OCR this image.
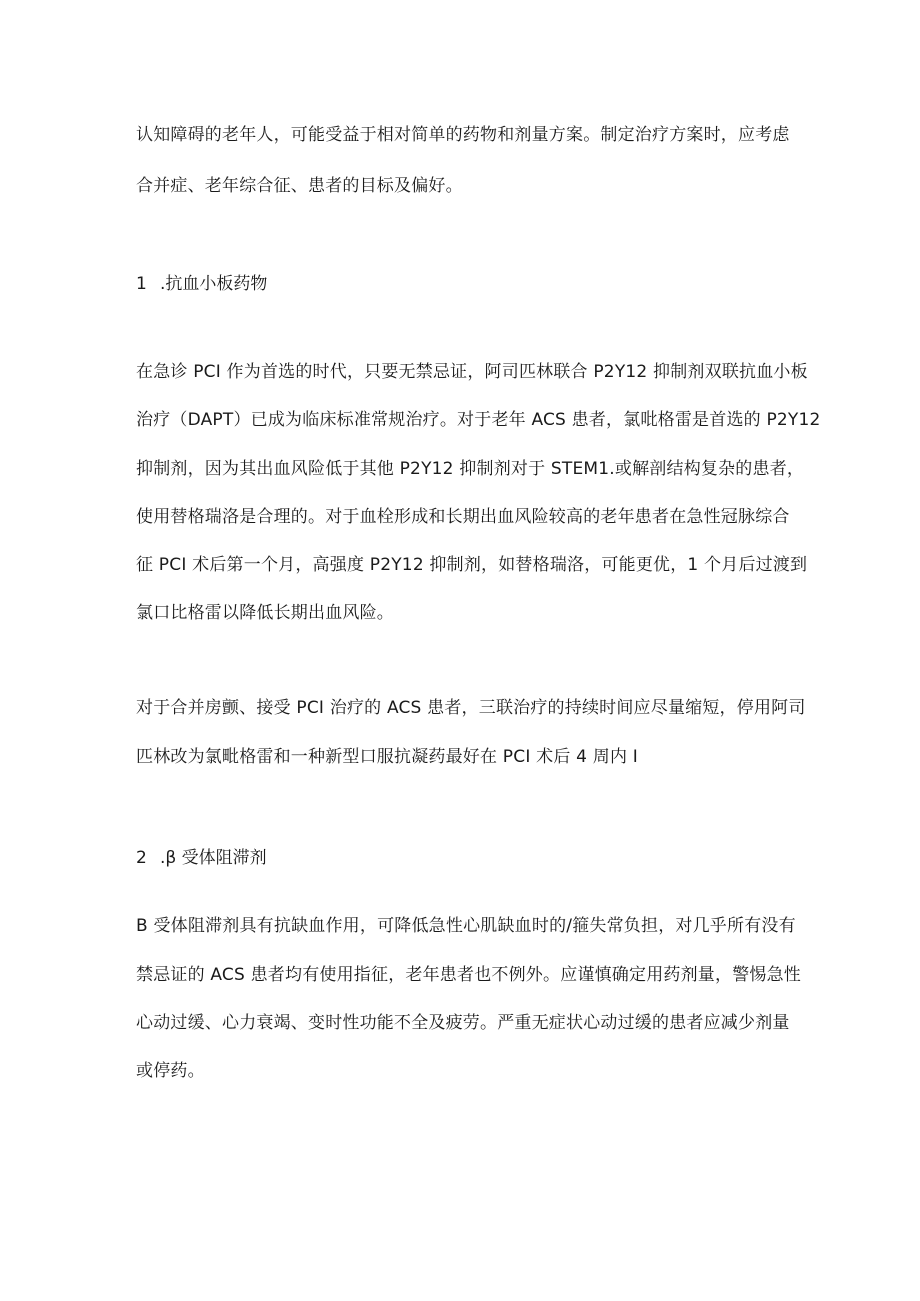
认知障碍的老年人，可能受益于相对简单的药物和剂量方案。制定治疗方案时，应考虑
合并症、老年综合征、患者的目标及偏好。
1 .抗血小板药物
在急诊 PCI 作为首选的时代，只要无禁忌证，阿司匹林联合 P2Y12 抑制剂双联抗血小板
治疗（DAPT）已成为临床标准常规治疗。对于老年 ACS 患者，氯吡格雷是首选的 P2Y12
抑制剂，因为其出血风险低于其他 P2Y12 抑制剂对于 STEM1.或解剖结构复杂的患者，
使用替格瑞洛是合理的。对于血栓形成和长期出血风险较高的老年患者在急性冠脉综合
征 PCI 术后第一个月，高强度 P2Y12 抑制剂，如替格瑞洛，可能更优，1 个月后过渡到
氯口比格雷以降低长期出血风险。
对于合并房颤、接受 PCI 治疗的 ACS 患者，三联治疗的持续时间应尽量缩短，停用阿司
匹林改为氯毗格雷和一种新型口服抗凝药最好在 PCI 术后 4 周内 I
2 .β 受体阻滞剂
B 受体阻滞剂具有抗缺血作用，可降低急性心肌缺血时的/箍失常负担，对几乎所有没有
禁忌证的 ACS 患者均有使用指征，老年患者也不例外。应谨慎确定用药剂量，警惕急性
心动过缓、心力衰竭、变时性功能不全及疲劳。严重无症状心动过缓的患者应减少剂量
或停药。
